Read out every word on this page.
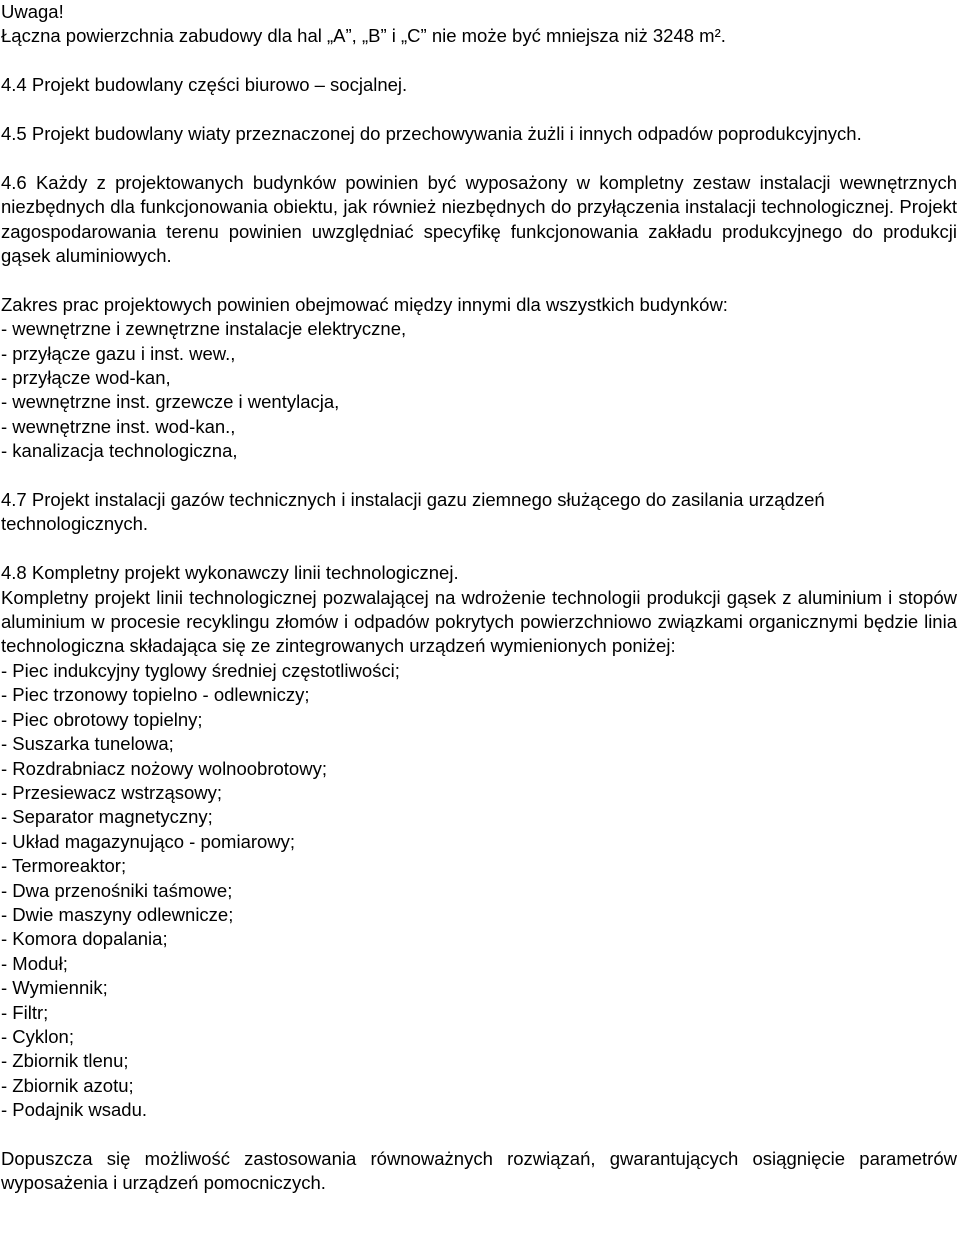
Uwaga!

Łączna powierzchnia zabudowy dla hal „A”, „B” i „C” nie może być mniejsza niż 3248 m².

4.4 Projekt budowlany części biurowo – socjalnej.

4.5 Projekt budowlany wiaty przeznaczonej do przechowywania żużli i innych odpadów poprodukcyjnych.

4.6 Każdy z projektowanych budynków powinien być wyposażony w kompletny zestaw instalacji wewnętrznych niezbędnych dla funkcjonowania obiektu, jak również niezbędnych do przyłączenia instalacji technologicznej. Projekt zagospodarowania terenu powinien uwzględniać specyfikę funkcjonowania zakładu produkcyjnego do produkcji gąsek aluminiowych.

Zakres prac projektowych powinien obejmować między innymi dla wszystkich budynków:

- wewnętrzne i zewnętrzne instalacje elektryczne,
- przyłącze gazu i inst. wew.,
- przyłącze wod-kan,
- wewnętrzne inst. grzewcze i wentylacja,
- wewnętrzne inst. wod-kan.,
- kanalizacja technologiczna,

4.7 Projekt instalacji gazów technicznych i instalacji gazu ziemnego służącego do zasilania urządzeń technologicznych.

4.8 Kompletny projekt wykonawczy linii technologicznej.

Kompletny projekt linii technologicznej pozwalającej na wdrożenie technologii produkcji gąsek z aluminium i stopów aluminium w procesie recyklingu złomów i odpadów pokrytych powierzchniowo związkami organicznymi będzie linia technologiczna składająca się ze zintegrowanych urządzeń wymienionych poniżej:

- Piec indukcyjny tyglowy średniej częstotliwości;
- Piec trzonowy topielno - odlewniczy;
- Piec obrotowy topielny;
- Suszarka tunelowa;
- Rozdrabniacz nożowy wolnoobrotowy;
- Przesiewacz wstrząsowy;
- Separator magnetyczny;
- Układ magazynująco - pomiarowy;
- Termoreaktor;
- Dwa przenośniki taśmowe;
- Dwie maszyny odlewnicze;
- Komora dopalania;
- Moduł;
- Wymiennik;
- Filtr;
- Cyklon;
- Zbiornik tlenu;
- Zbiornik azotu;
- Podajnik wsadu.

Dopuszcza się możliwość zastosowania równoważnych rozwiązań, gwarantujących osiągnięcie parametrów wyposażenia i urządzeń pomocniczych.
